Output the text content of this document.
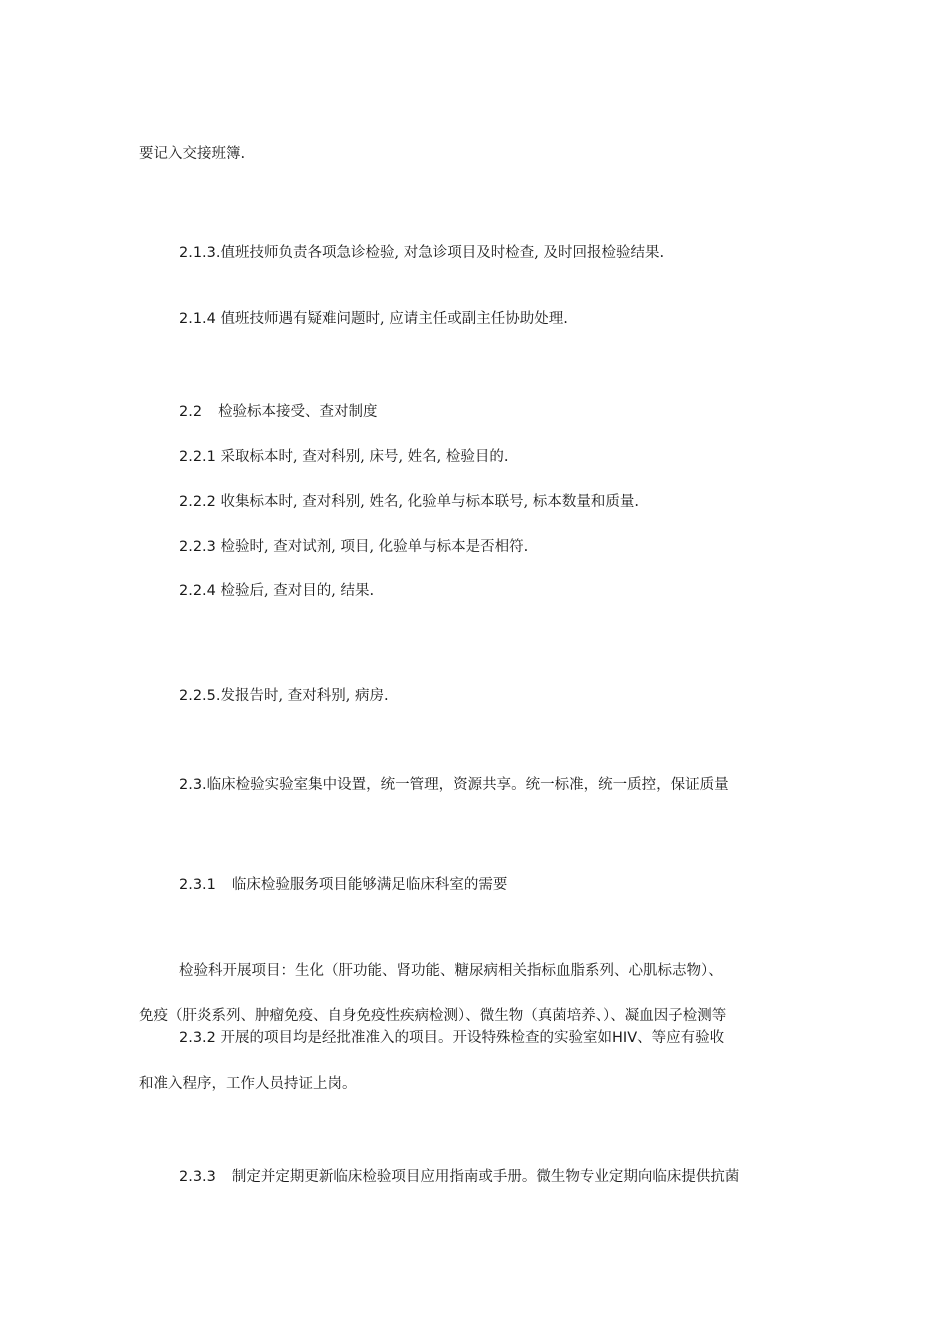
要记入交接班簿.
2.1.3.值班技师负责各项急诊检验, 对急诊项目及时检查, 及时回报检验结果.
2.1.4 值班技师遇有疑难问题时, 应请主任或副主任协助处理.
2.2 检验标本接受、查对制度
2.2.1 采取标本时, 查对科别, 床号, 姓名, 检验目的.
2.2.2 收集标本时, 查对科别, 姓名, 化验单与标本联号, 标本数量和质量.
2.2.3 检验时, 查对试剂, 项目, 化验单与标本是否相符.
2.2.4 检验后, 查对目的, 结果.
2.2.5.发报告时, 查对科别, 病房.
2.3.临床检验实验室集中设置，统一管理，资源共享。统一标准，统一质控，保证质量
2.3.1 临床检验服务项目能够满足临床科室的需要
检验科开展项目：生化（肝功能、肾功能、糖尿病相关指标血脂系列、心肌标志物）、
免疫（肝炎系列、肿瘤免疫、自身免疫性疾病检测）、微生物（真菌培养、）、凝血因子检测等
2.3.2 开展的项目均是经批准准入的项目。开设特殊检查的实验室如HIV、等应有验收
和准入程序，工作人员持证上岗。
2.3.3 制定并定期更新临床检验项目应用指南或手册。微生物专业定期向临床提供抗菌
